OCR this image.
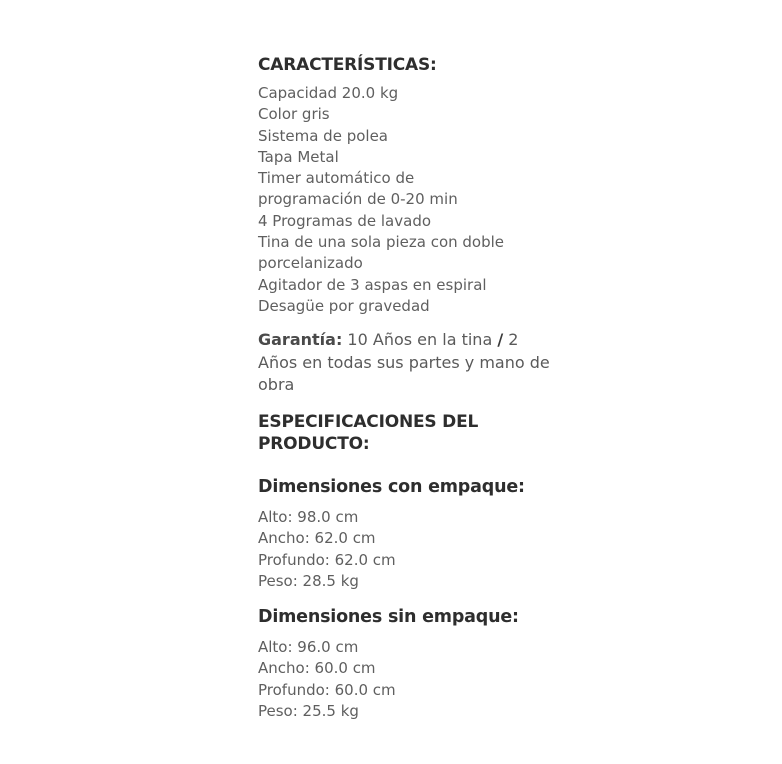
CARACTERÍSTICAS:
Capacidad 20.0 kg
Color gris
Sistema de polea
Tapa Metal
Timer automático de
programación de 0-20 min
4 Programas de lavado
Tina de una sola pieza con doble
porcelanizado
Agitador de 3 aspas en espiral
Desagüe por gravedad

Garantía: 10 Años en la tina / 2 Años en todas sus partes y mano de obra

ESPECIFICACIONES DEL PRODUCTO:
Dimensiones con empaque:
Alto: 98.0 cm
Ancho: 62.0 cm
Profundo: 62.0 cm
Peso: 28.5 kg
Dimensiones sin empaque:
Alto: 96.0 cm
Ancho: 60.0 cm
Profundo: 60.0 cm
Peso: 25.5 kg
